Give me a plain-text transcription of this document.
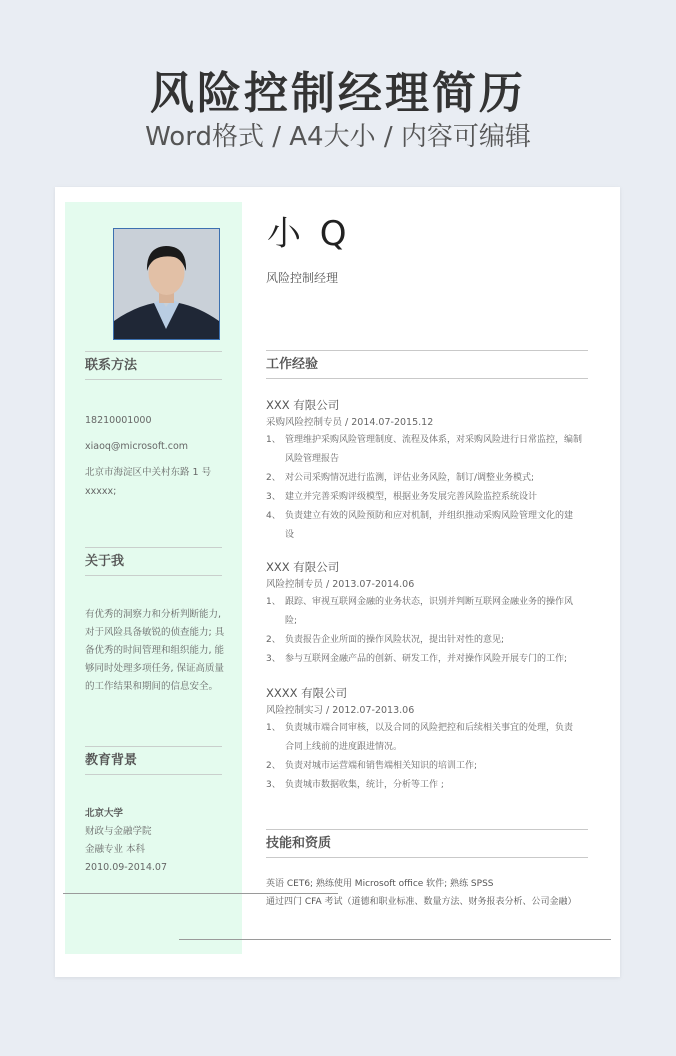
风险控制经理简历
Word格式 / A4大小 / 内容可编辑
联系方法
18210001000
xiaoq@microsoft.com
北京市海淀区中关村东路 1 号
xxxxx;
关于我
有优秀的洞察力和分析判断能力,
对于风险具备敏锐的侦查能力; 具
备优秀的时间管理和组织能力, 能
够同时处理多项任务, 保证高质量
的工作结果和期间的信息安全。
教育背景
北京大学
财政与金融学院
金融专业 本科
2010.09-2014.07
小 Q
风险控制经理
工作经验
XXX 有限公司
采购风险控制专员 / 2014.07-2015.12
1、 管理维护采购风险管理制度、流程及体系，对采购风险进行日常监控，编制
风险管理报告
2、 对公司采购情况进行监测，评估业务风险，制订/调整业务模式;
3、 建立并完善采购评级模型，根据业务发展完善风险监控系统设计
4、 负责建立有效的风险预防和应对机制，并组织推动采购风险管理文化的建
设
XXX 有限公司
风险控制专员 / 2013.07-2014.06
1、 跟踪、审视互联网金融的业务状态，识别并判断互联网金融业务的操作风
险;
2、 负责报告企业所面的操作风险状况，提出针对性的意见;
3、 参与互联网金融产品的创新、研发工作，并对操作风险开展专门的工作;
XXXX 有限公司
风险控制实习 / 2012.07-2013.06
1、 负责城市端合同审核，以及合同的风险把控和后续相关事宜的处理，负责
合同上线前的进度跟进情况。
2、 负责对城市运营端和销售端相关知识的培训工作;
3、 负责城市数据收集，统计，分析等工作 ;
技能和资质
英语 CET6; 熟练使用 Microsoft office 软件; 熟练 SPSS
通过四门 CFA 考试（道德和职业标准、数量方法、财务报表分析、公司金融）
